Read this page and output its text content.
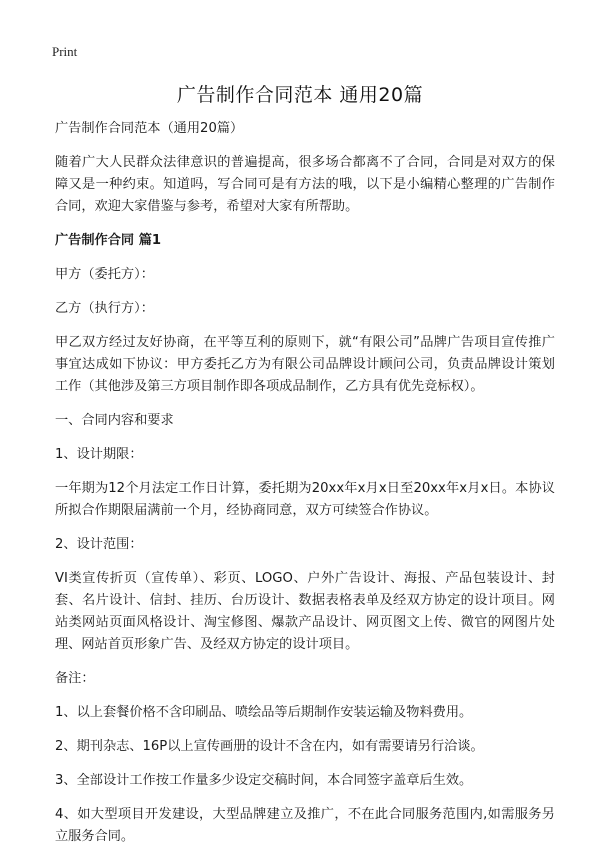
Print
广告制作合同范本 通用20篇

广告制作合同范本（通用20篇）

随着广大人民群众法律意识的普遍提高，很多场合都离不了合同，合同是对双方的保障又是一种约束。知道吗，写合同可是有方法的哦，以下是小编精心整理的广告制作合同，欢迎大家借鉴与参考，希望对大家有所帮助。

广告制作合同 篇1

甲方（委托方）：

乙方（执行方）：

甲乙双方经过友好协商，在平等互利的原则下，就“有限公司”品牌广告项目宣传推广事宜达成如下协议：甲方委托乙方为有限公司品牌设计顾问公司，负责品牌设计策划工作（其他涉及第三方项目制作即各项成品制作，乙方具有优先竞标权）。

一、合同内容和要求

1、设计期限：

一年期为12个月法定工作日计算，委托期为20xx年x月x日至20xx年x月x日。本协议所拟合作期限届满前一个月，经协商同意，双方可续签合作协议。

2、设计范围：

VI类宣传折页（宣传单）、彩页、LOGO、户外广告设计、海报、产品包装设计、封套、名片设计、信封、挂历、台历设计、数据表格表单及经双方协定的设计项目。网站类网站页面风格设计、淘宝修图、爆款产品设计、网页图文上传、微官的网图片处理、网站首页形象广告、及经双方协定的设计项目。

备注：

1、以上套餐价格不含印刷品、喷绘品等后期制作安装运输及物料费用。

2、期刊杂志、16P以上宣传画册的设计不含在内，如有需要请另行洽谈。

3、全部设计工作按工作量多少设定交稿时间，本合同签字盖章后生效。

4、如大型项目开发建设，大型品牌建立及推广，不在此合同服务范围内,如需服务另立服务合同。
